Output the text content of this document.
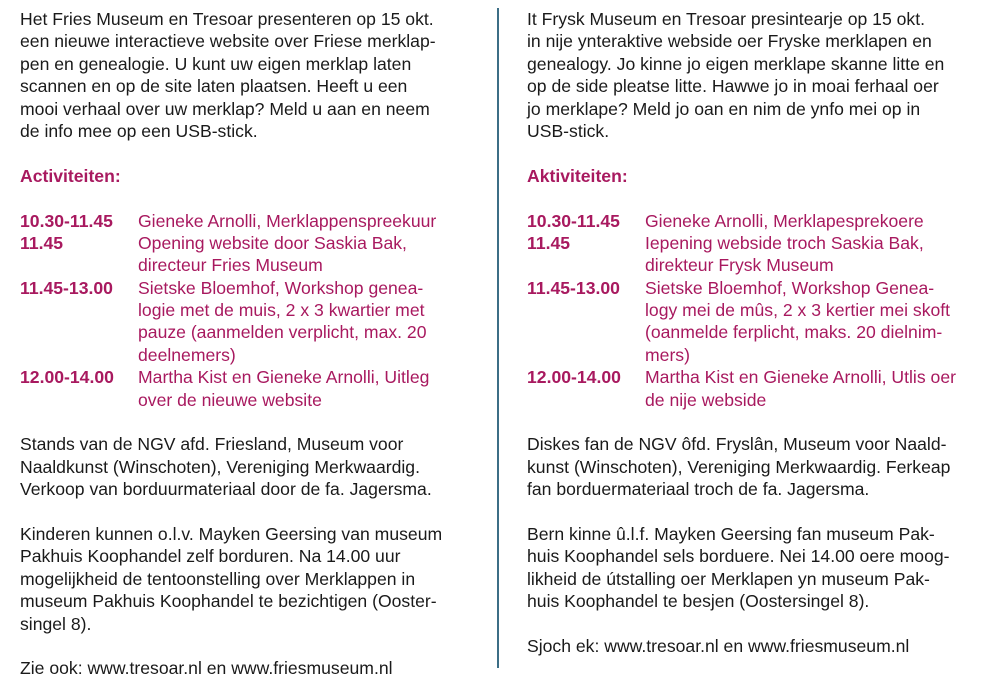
Het Fries Museum en Tresoar presenteren op 15 okt.
een nieuwe interactieve website over Friese merklap-
pen en genealogie. U kunt uw eigen merklap laten
scannen en op de site laten plaatsen. Heeft u een
mooi verhaal over uw merklap? Meld u aan en neem
de info mee op een USB-stick.
Activiteiten:
10.30-11.45	Gieneke Arnolli, Merklappenspreekuur
11.45	Opening website door Saskia Bak,
directeur Fries Museum
11.45-13.00	Sietske Bloemhof, Workshop genea-
logie met de muis, 2 x 3 kwartier met
pauze (aanmelden verplicht, max. 20
deelnemers)
12.00-14.00	Martha Kist en Gieneke Arnolli, Uitleg
over de nieuwe website
Stands van de NGV afd. Friesland, Museum voor
Naaldkunst (Winschoten), Vereniging Merkwaardig.
Verkoop van borduurmateriaal door de fa. Jagersma.
Kinderen kunnen o.l.v. Mayken Geersing van museum
Pakhuis Koophandel zelf borduren. Na 14.00 uur
mogelijkheid de tentoonstelling over Merklappen in
museum Pakhuis Koophandel te bezichtigen (Ooster-
singel 8).
Zie ook: www.tresoar.nl en www.friesmuseum.nl
It Frysk Museum en Tresoar presintearje op 15 okt.
in nije ynteraktive webside oer Fryske merklapen en
genealogy. Jo kinne jo eigen merklape skanne litte en
op de side pleatse litte. Hawwe jo in moai ferhaal oer
jo merklape? Meld jo oan en nim de ynfo mei op in
USB-stick.
Aktiviteiten:
10.30-11.45	Gieneke Arnolli, Merklapesprekoere
11.45	Iepening webside troch Saskia Bak,
direkteur Frysk Museum
11.45-13.00	Sietske Bloemhof, Workshop Genea-
logy mei de mûs, 2 x 3 kertier mei skoft
(oanmelde ferplicht, maks. 20 dielnim-
mers)
12.00-14.00	Martha Kist en Gieneke Arnolli, Utlis oer
de nije webside
Diskes fan de NGV ôfd. Fryslân, Museum voor Naald-
kunst (Winschoten), Vereniging Merkwaardig. Ferkeap
fan borduermateriaal troch de fa. Jagersma.
Bern kinne û.l.f. Mayken Geersing fan museum Pak-
huis Koophandel sels borduere. Nei 14.00 oere moog-
likheid de útstalling oer Merklapen yn museum Pak-
huis Koophandel te besjen (Oostersingel 8).
Sjoch ek: www.tresoar.nl en www.friesmuseum.nl
